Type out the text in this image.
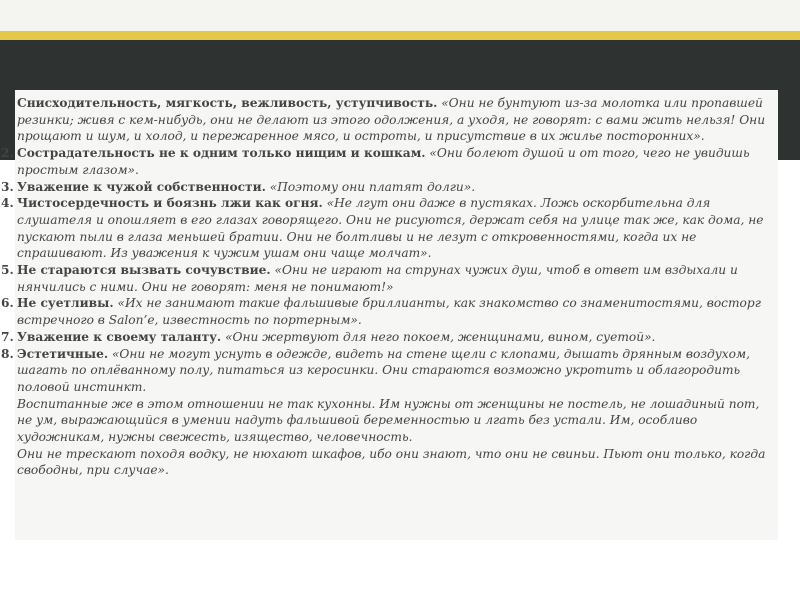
Снисходительность, мягкость, вежливость, уступчивость. «Они не бунтуют из-за молотка или пропавшей резинки; живя с кем-нибудь, они не делают из этого одолжения, а уходя, не говорят: с вами жить нельзя! Они прощают и шум, и холод, и пережаренное мясо, и остроты, и присутствие в их жилье посторонних».
2. Сострадательность не к одним только нищим и кошкам. «Они болеют душой и от того, чего не увидишь простым глазом».
3. Уважение к чужой собственности. «Поэтому они платят долги».
4. Чистосердечность и боязнь лжи как огня. «Не лгут они даже в пустяках. Ложь оскорбительна для слушателя и опошляет в его глазах говорящего. Они не рисуются, держат себя на улице так же, как дома, не пускают пыли в глаза меньшей братии. Они не болтливы и не лезут с откровенностями, когда их не спрашивают. Из уважения к чужим ушам они чаще молчат».
5. Не стараются вызвать сочувствие. «Они не играют на струнах чужих душ, чтоб в ответ им вздыхали и нянчились с ними. Они не говорят: меня не понимают!»
6. Не суетливы. «Их не занимают такие фальшивые бриллианты, как знакомство со знаменитостями, восторг встречного в Salon’e, известность по портерным».
7. Уважение к своему таланту. «Они жертвуют для него покоем, женщинами, вином, суетой».
8. Эстетичные. «Они не могут уснуть в одежде, видеть на стене щели с клопами, дышать дрянным воздухом, шагать по оплёванному полу, питаться из керосинки. Они стараются возможно укротить и облагородить половой инстинкт.
Воспитанные же в этом отношении не так кухонны. Им нужны от женщины не постель, не лошадиный пот, не ум, выражающийся в умении надуть фальшивой беременностью и лгать без устали. Им, особливо художникам, нужны свежесть, изящество, человечность.
Они не трескают походя водку, не нюхают шкафов, ибо они знают, что они не свиньи. Пьют они только, когда свободны, при случае».
